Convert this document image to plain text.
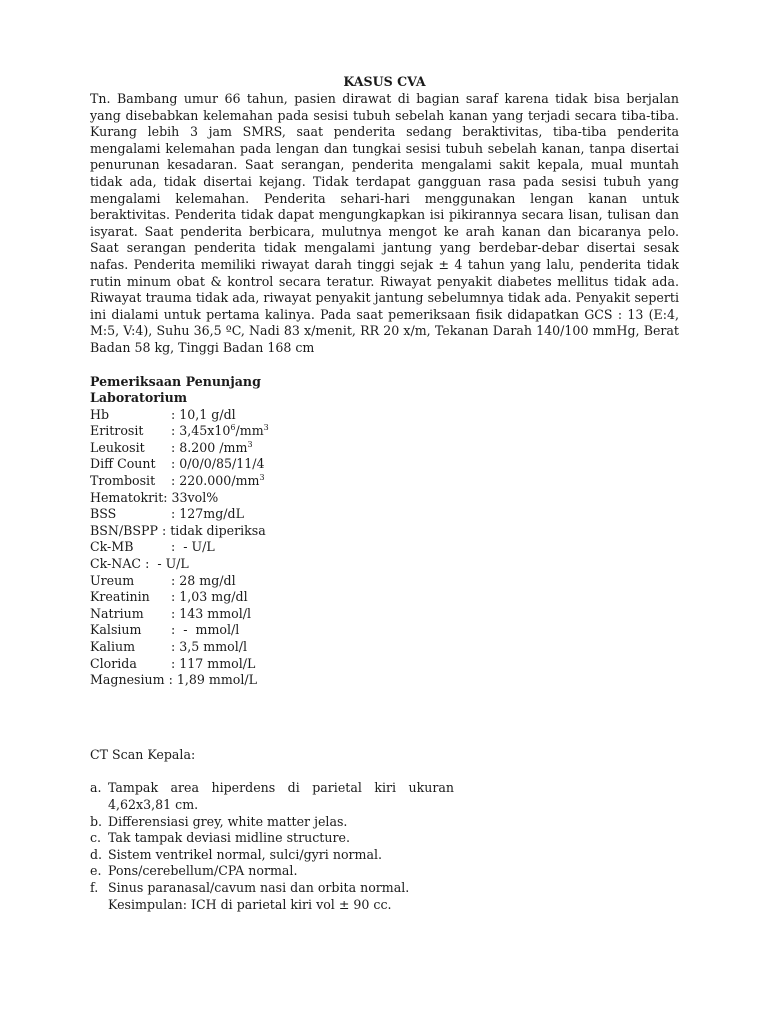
KASUS CVA

Tn. Bambang umur 66 tahun, pasien dirawat di bagian saraf karena tidak bisa berjalan yang disebabkan kelemahan pada sesisi tubuh sebelah kanan yang terjadi secara tiba-tiba. Kurang lebih 3 jam SMRS, saat penderita sedang beraktivitas, tiba-tiba penderita mengalami kelemahan pada lengan dan tungkai sesisi tubuh sebelah kanan, tanpa disertai penurunan kesadaran. Saat serangan, penderita mengalami sakit kepala, mual muntah tidak ada, tidak disertai kejang. Tidak terdapat gangguan rasa pada sesisi tubuh yang mengalami kelemahan. Penderita sehari-hari menggunakan lengan kanan untuk beraktivitas. Penderita tidak dapat mengungkapkan isi pikirannya secara lisan, tulisan dan isyarat. Saat penderita berbicara, mulutnya mengot ke arah kanan dan bicaranya pelo. Saat serangan penderita tidak mengalami jantung yang berdebar-debar disertai sesak nafas. Penderita memiliki riwayat darah tinggi sejak ± 4 tahun yang lalu, penderita tidak rutin minum obat & kontrol secara teratur. Riwayat penyakit diabetes mellitus tidak ada. Riwayat trauma tidak ada, riwayat penyakit jantung sebelumnya tidak ada. Penyakit seperti ini dialami untuk pertama kalinya. Pada saat pemeriksaan fisik didapatkan GCS : 13 (E:4, M:5, V:4), Suhu 36,5 ºC, Nadi 83 x/menit, RR 20 x/m, Tekanan Darah 140/100 mmHg, Berat Badan 58 kg, Tinggi Badan 168 cm

Pemeriksaan Penunjang
Laboratorium
Hb	: 10,1 g/dl
Eritrosit	: $3,45x10^6/mm^3$
Leukosit	: 8.200 $/mm^3$
Diff Count	: 0/0/0/85/11/4
Trombosit	: $220.000/mm^3$
Hematokrit : 33vol%
BSS	: 127mg/dL
BSN/BSPP : tidak diperiksa
Ck-MB	:  - U/L
Ck-NAC :  - U/L
Ureum	: 28 mg/dl
Kreatinin	: 1,03 mg/dl
Natrium	: 143 mmol/l
Kalsium	:  -  mmol/l
Kalium	: 3,5 mmol/l
Clorida	: 117 mmol/L
Magnesium : 1,89 mmol/L

CT Scan Kepala:

a. Tampak area hiperdens di parietal kiri ukuran
4,62x3,81 cm.
b. Differensiasi grey, white matter jelas.
c. Tak tampak deviasi midline structure.
d. Sistem ventrikel normal, sulci/gyri normal.
e. Pons/cerebellum/CPA normal.
f. Sinus paranasal/cavum nasi dan orbita normal.

Kesimpulan: ICH di parietal kiri vol ± 90 cc.
